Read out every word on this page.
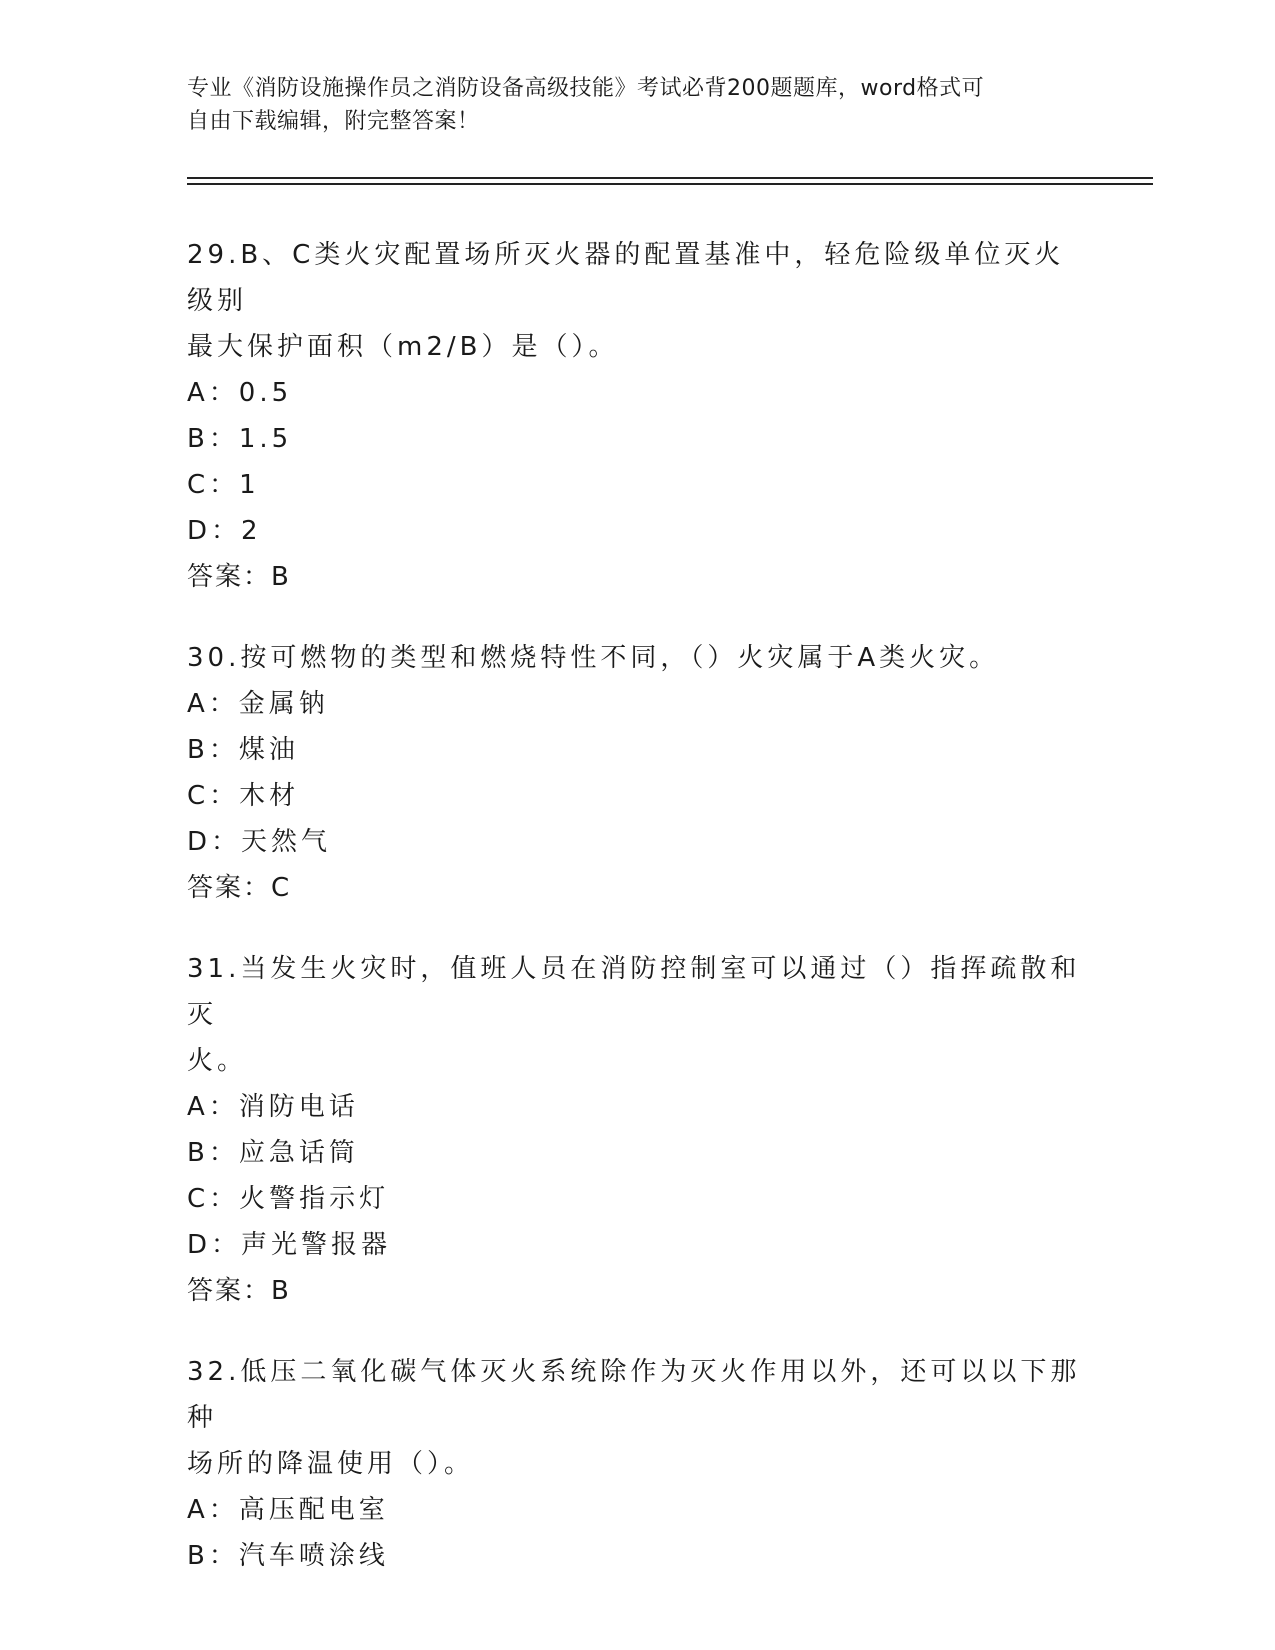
专业《消防设施操作员之消防设备高级技能》考试必背200题题库，word格式可
自由下载编辑，附完整答案！
29.B、C类火灾配置场所灭火器的配置基准中，轻危险级单位灭火级别
最大保护面积（m2/B）是（）。
A： 0.5
B： 1.5
C： 1
D： 2
答案：B
30.按可燃物的类型和燃烧特性不同，（）火灾属于A类火灾。
A： 金属钠
B： 煤油
C： 木材
D： 天然气
答案：C
31.当发生火灾时，值班人员在消防控制室可以通过（）指挥疏散和灭
火。
A： 消防电话
B： 应急话筒
C： 火警指示灯
D： 声光警报器
答案：B
32.低压二氧化碳气体灭火系统除作为灭火作用以外，还可以以下那种
场所的降温使用（）。
A： 高压配电室
B： 汽车喷涂线
